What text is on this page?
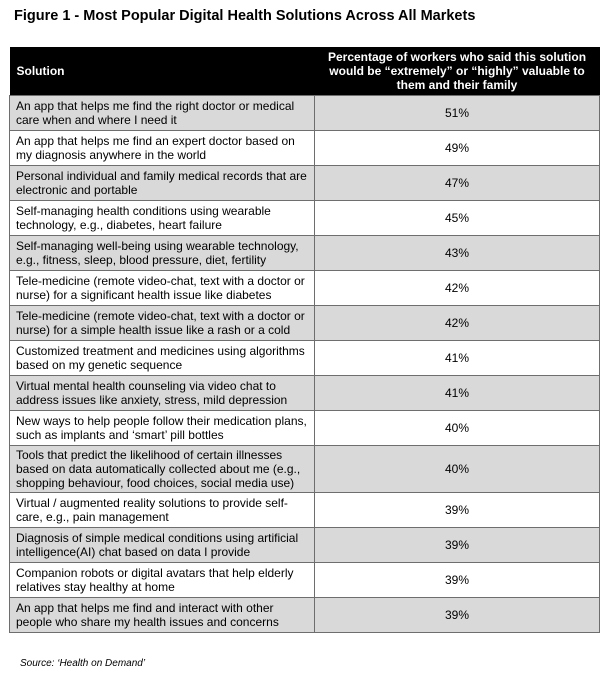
Figure 1 - Most Popular Digital Health Solutions Across All Markets
Solution	Percentage of workers who said this solution would be “extremely” or “highly” valuable to them and their family
An app that helps me find the right doctor or medical care when and where I need it	51%
An app that helps me find an expert doctor based on my diagnosis anywhere in the world	49%
Personal individual and family medical records that are electronic and portable	47%
Self-managing health conditions using wearable technology, e.g., diabetes, heart failure	45%
Self-managing well-being using wearable technology, e.g., fitness, sleep, blood pressure, diet, fertility	43%
Tele-medicine (remote video-chat, text with a doctor or nurse) for a significant health issue like diabetes	42%
Tele-medicine (remote video-chat, text with a doctor or nurse) for a simple health issue like a rash or a cold	42%
Customized treatment and medicines using algorithms based on my genetic sequence	41%
Virtual mental health counseling via video chat to address issues like anxiety, stress, mild depression	41%
New ways to help people follow their medication plans, such as implants and ‘smart’ pill bottles	40%
Tools that predict the likelihood of certain illnesses based on data automatically collected about me (e.g., shopping behaviour, food choices, social media use)	40%
Virtual / augmented reality solutions to provide self-care, e.g., pain management	39%
Diagnosis of simple medical conditions using artificial intelligence(AI) chat based on data I provide	39%
Companion robots or digital avatars that help elderly relatives stay healthy at home	39%
An app that helps me find and interact with other people who share my health issues and concerns	39%
Source: ‘Health on Demand’
